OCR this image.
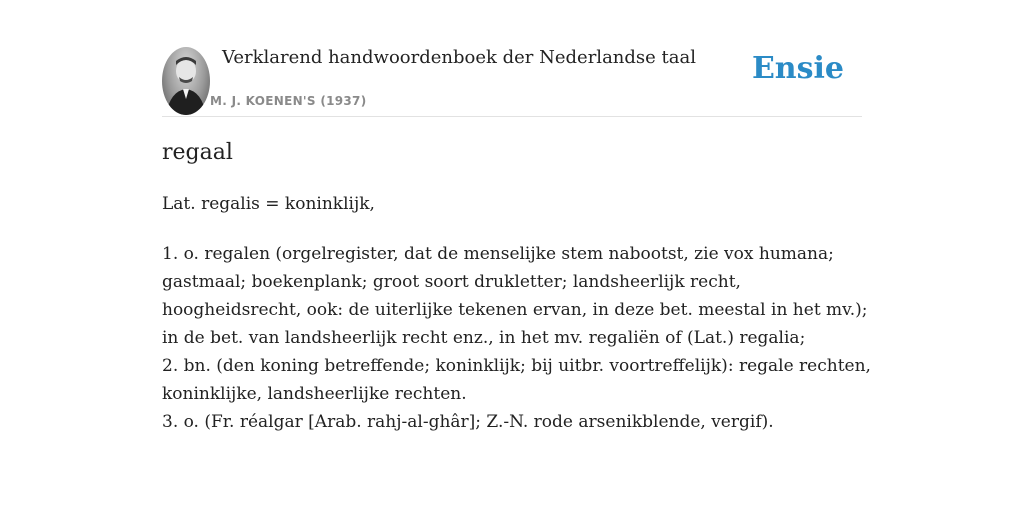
Verklarend handwoordenboek der Nederlandse taal
M. J. KOENEN'S (1937)
Ensie
regaal
Lat. regalis = koninklijk,
1. o. regalen (orgelregister, dat de menselijke stem nabootst, zie vox humana;
gastmaal; boekenplank; groot soort drukletter; landsheerlijk recht,
hoogheidsrecht, ook: de uiterlijke tekenen ervan, in deze bet. meestal in het mv.);
in de bet. van landsheerlijk recht enz., in het mv. regaliën of (Lat.) regalia;
2. bn. (den koning betreffende; koninklijk; bij uitbr. voortreffelijk): regale rechten,
koninklijke, landsheerlijke rechten.
3. o. (Fr. réalgar [Arab. rahj-al-ghâr]; Z.-N. rode arsenikblende, vergif).
